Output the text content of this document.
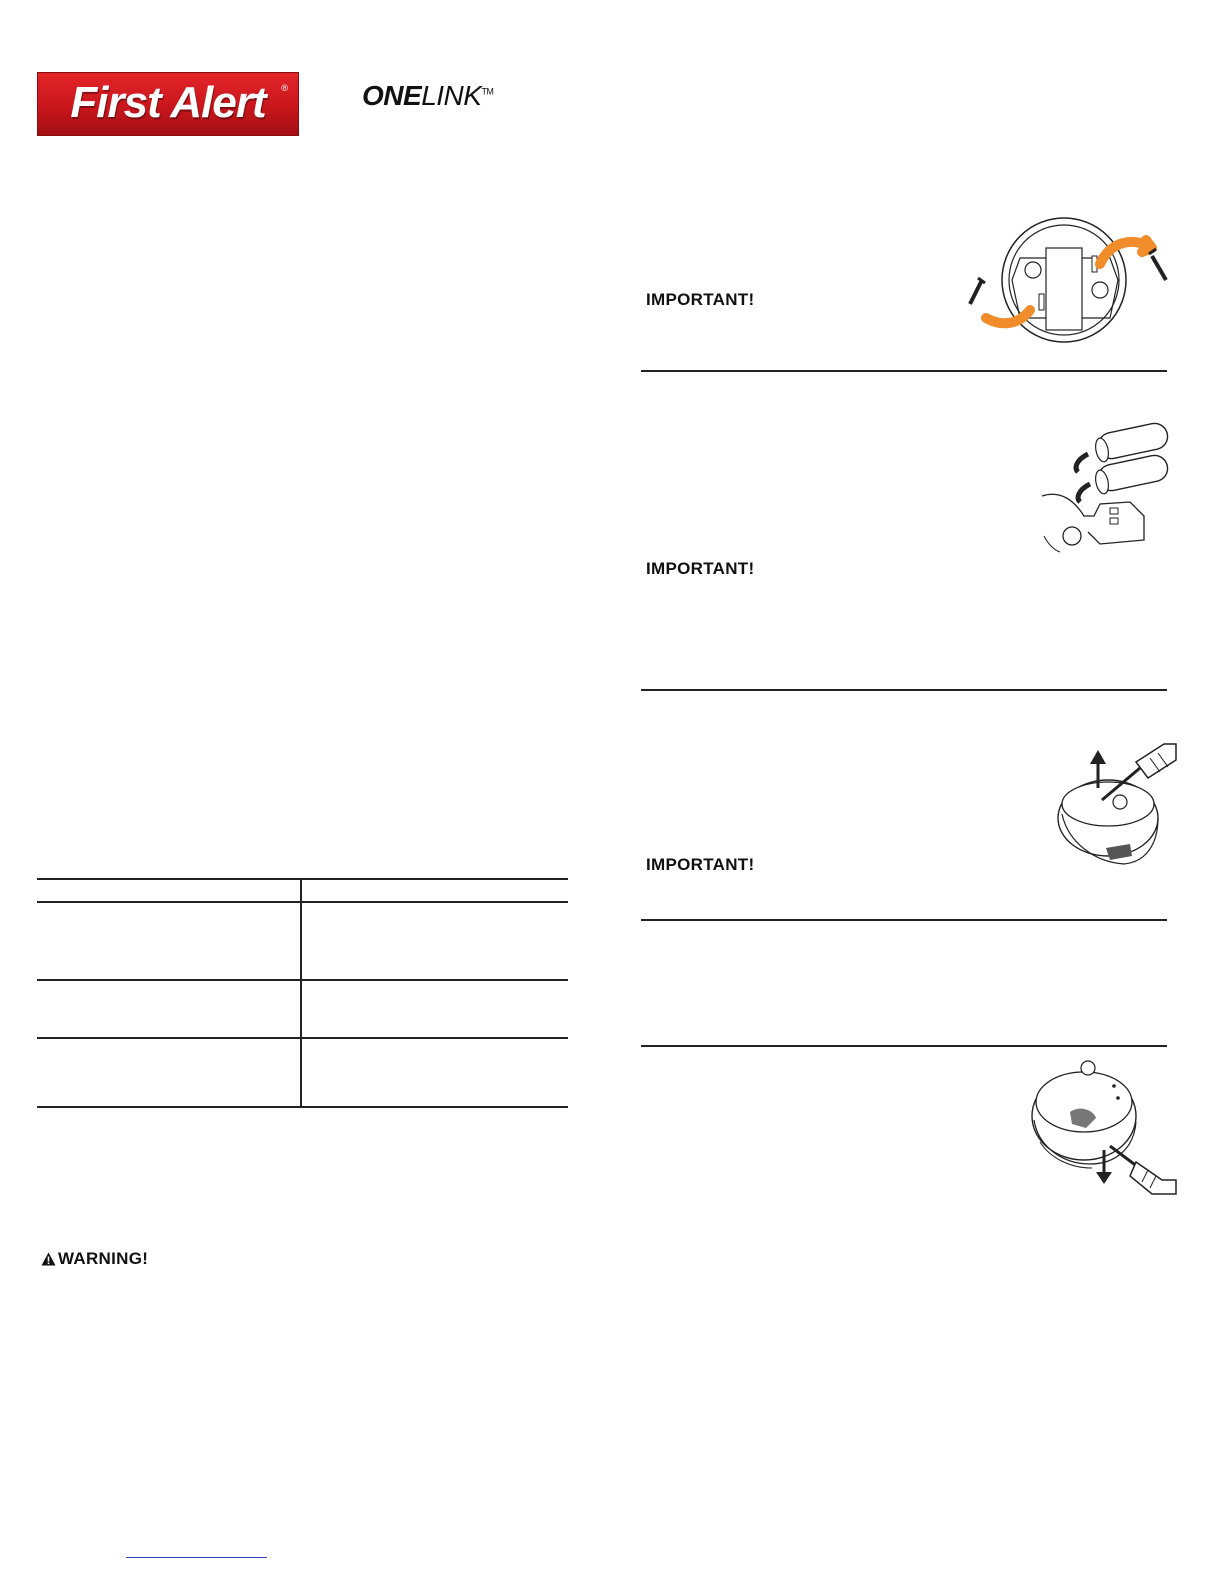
First Alert ®	ONELINK™
IMPORTANT!
IMPORTANT!
IMPORTANT!
WARNING!
